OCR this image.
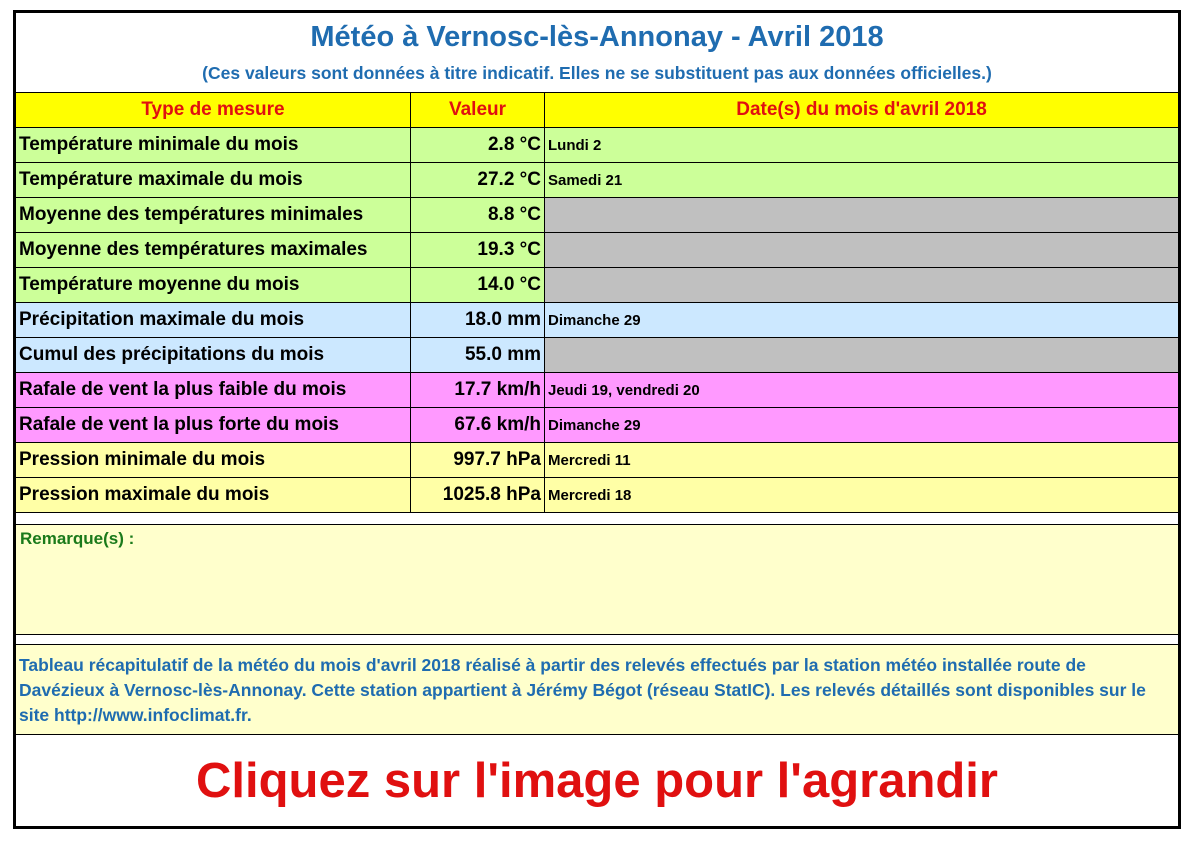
Météo à Vernosc-lès-Annonay - Avril 2018
(Ces valeurs sont données à titre indicatif. Elles ne se substituent pas aux données officielles.)
Type de mesure	Valeur	Date(s) du mois d'avril 2018
Température minimale du mois	2.8 °C Lundi 2
Température maximale du mois	27.2 °C Samedi 21
Moyenne des températures minimales	8.8 °C
Moyenne des températures maximales	19.3 °C
Température moyenne du mois	14.0 °C
Précipitation maximale du mois	18.0 mm Dimanche 29
Cumul des précipitations du mois	55.0 mm
Rafale de vent la plus faible du mois	17.7 km/h Jeudi 19, vendredi 20
Rafale de vent la plus forte du mois	67.6 km/h Dimanche 29
Pression minimale du mois	997.7 hPa Mercredi 11
Pression maximale du mois	1025.8 hPa Mercredi 18
Remarque(s) :
Tableau récapitulatif de la météo du mois d'avril 2018 réalisé à partir des relevés effectués par la station météo installée route de Davézieux à Vernosc-lès-Annonay. Cette station appartient à Jérémy Bégot (réseau StatIC). Les relevés détaillés sont disponibles sur le site http://www.infoclimat.fr.
Cliquez sur l'image pour l'agrandir
